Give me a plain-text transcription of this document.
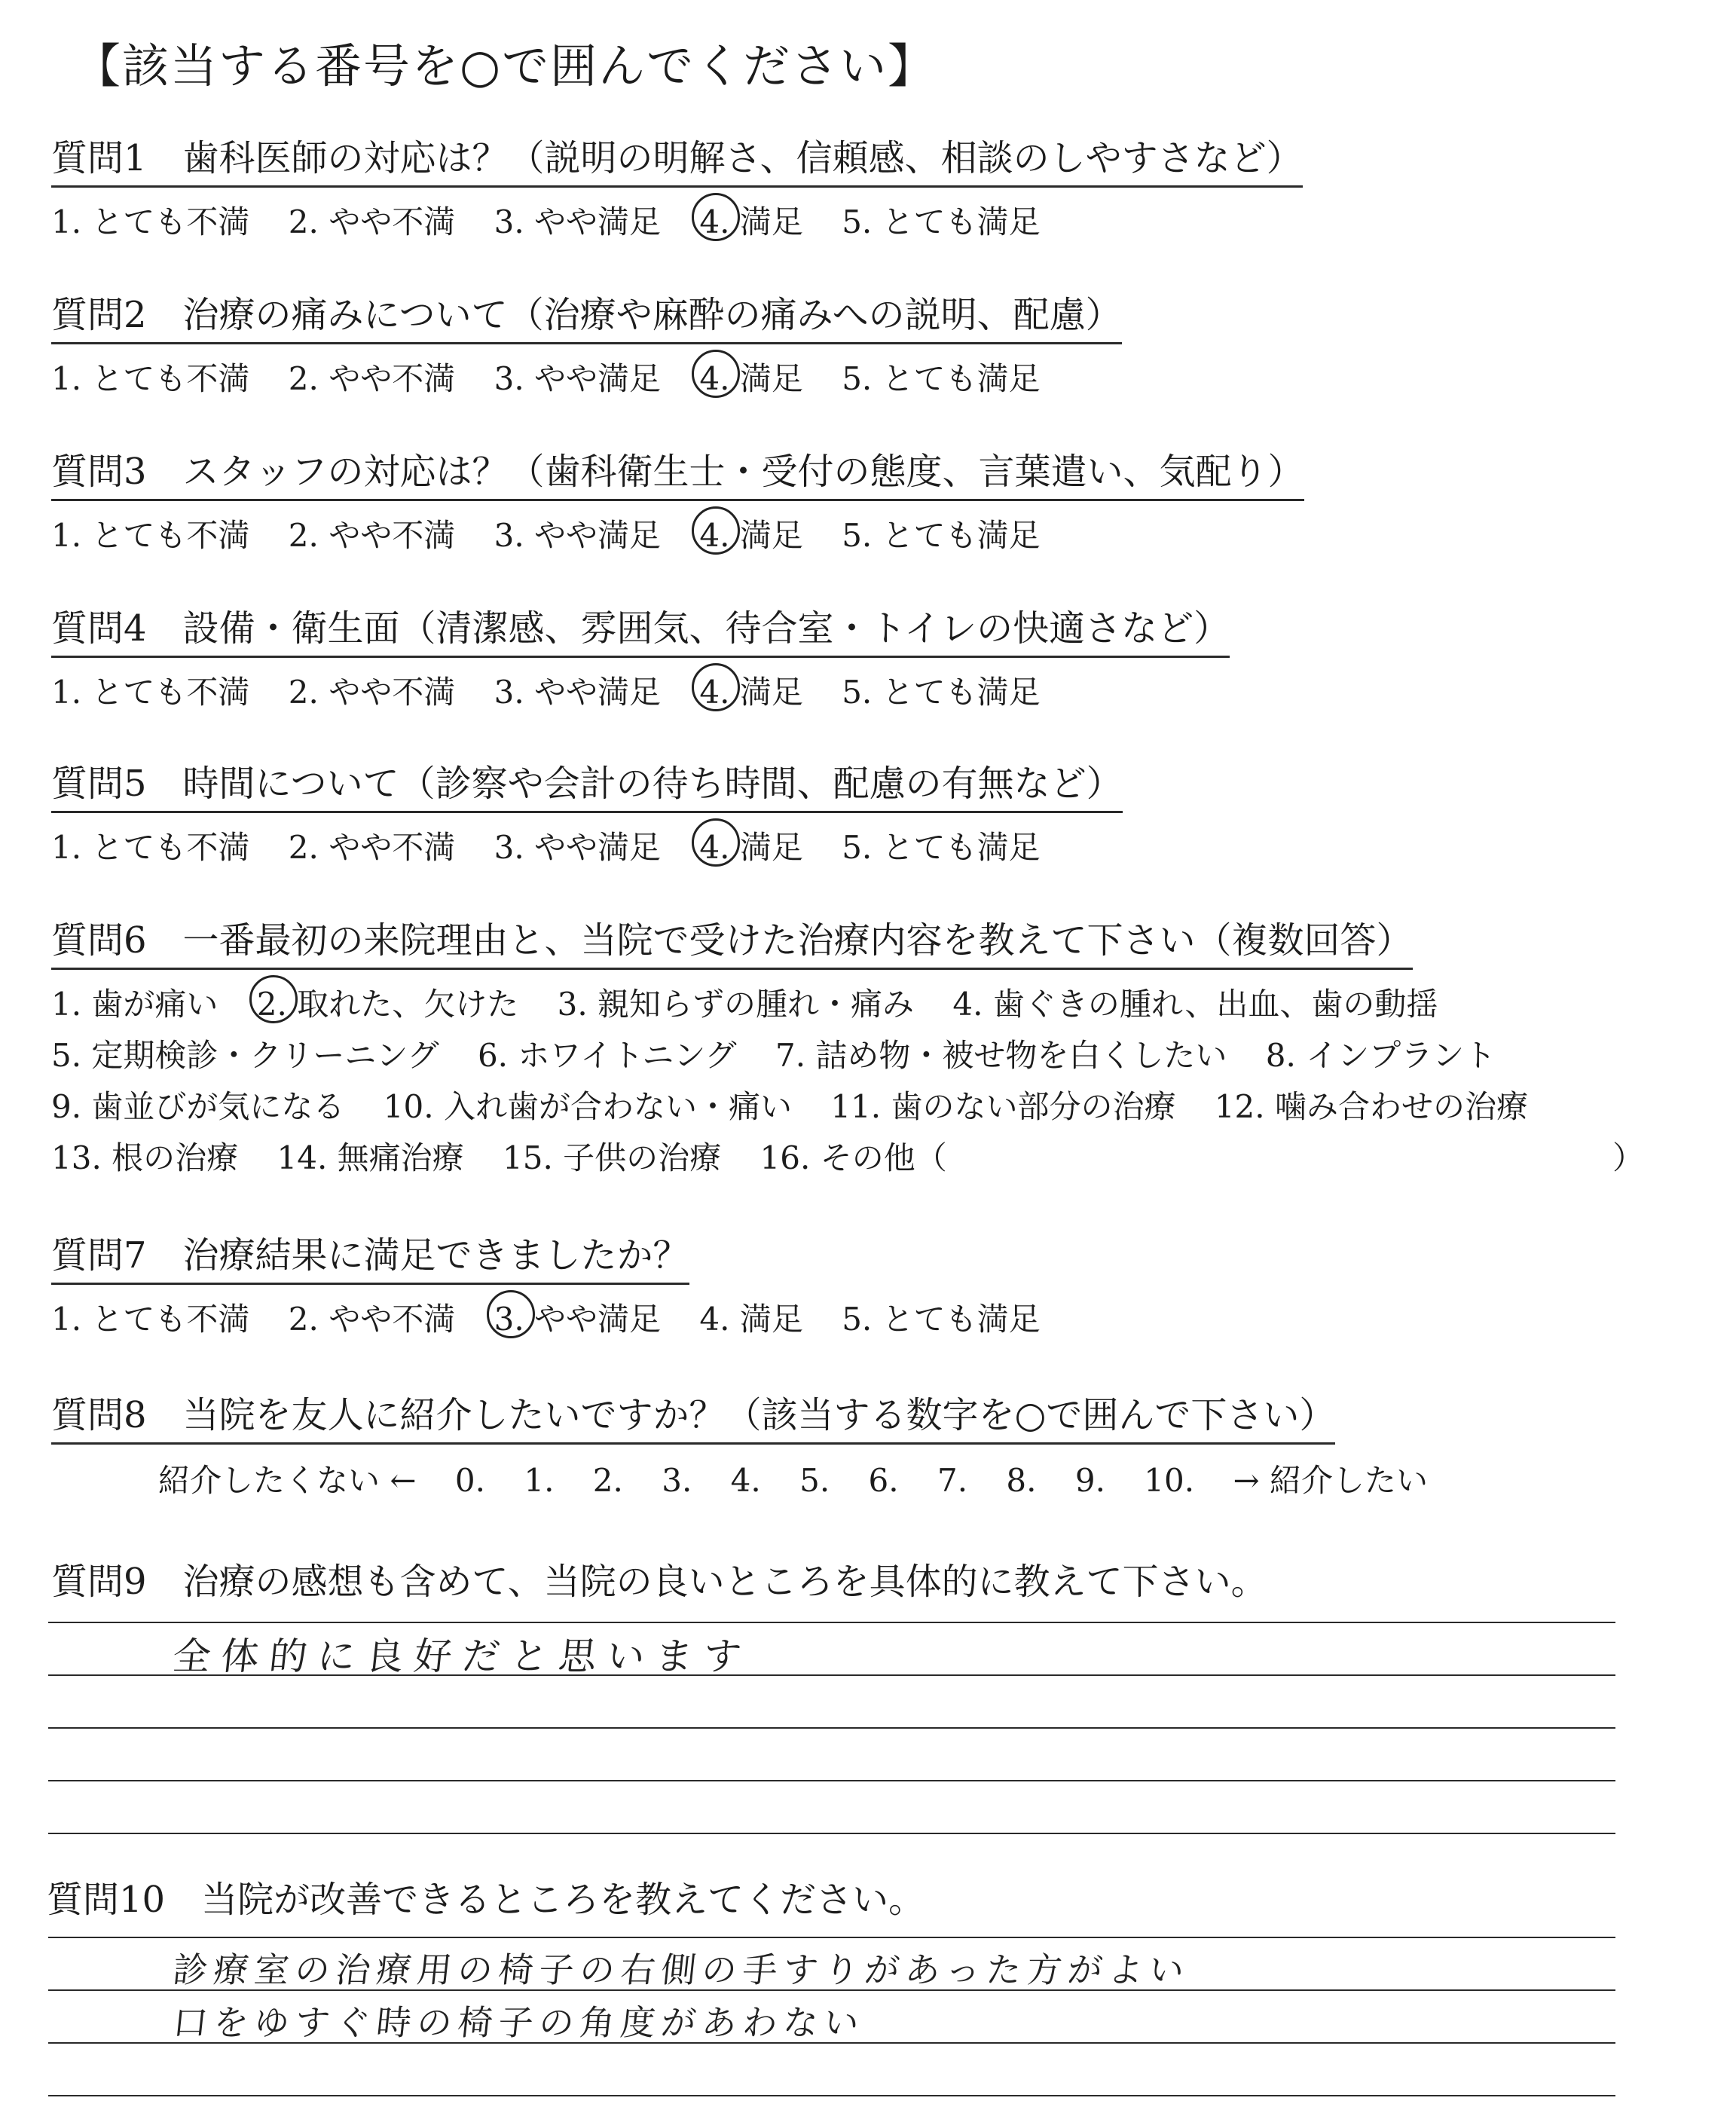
【該当する番号を○で囲んでください】
質問1　歯科医師の対応は？（説明の明解さ、信頼感、相談のしやすさなど）
1. とても不満 2. やや不満 3. やや満足 4. 満足 5. とても満足
質問2　治療の痛みについて（治療や麻酔の痛みへの説明、配慮）
1. とても不満 2. やや不満 3. やや満足 4. 満足 5. とても満足
質問3　スタッフの対応は？（歯科衛生士・受付の態度、言葉遣い、気配り）
1. とても不満 2. やや不満 3. やや満足 4. 満足 5. とても満足
質問4　設備・衛生面（清潔感、雰囲気、待合室・トイレの快適さなど）
1. とても不満 2. やや不満 3. やや満足 4. 満足 5. とても満足
質問5　時間について（診察や会計の待ち時間、配慮の有無など）
1. とても不満 2. やや不満 3. やや満足 4. 満足 5. とても満足
質問6　一番最初の来院理由と、当院で受けた治療内容を教えて下さい（複数回答）
1. 歯が痛い 2. 取れた、欠けた 3. 親知らずの腫れ・痛み 4. 歯ぐきの腫れ、出血、歯の動揺
5. 定期検診・クリーニング 6. ホワイトニング 7. 詰め物・被せ物を白くしたい 8. インプラント
9. 歯並びが気になる 10. 入れ歯が合わない・痛い 11. 歯のない部分の治療 12. 噛み合わせの治療
13. 根の治療 14. 無痛治療 15. 子供の治療 16. その他（	）
質問7　治療結果に満足できましたか？
1. とても不満 2. やや不満 3. やや満足 4. 満足 5. とても満足
質問8　当院を友人に紹介したいですか？（該当する数字を○で囲んで下さい）
紹介したくない ← 0. 1. 2. 3. 4. 5. 6. 7. 8. 9. 10. → 紹介したい
質問9　治療の感想も含めて、当院の良いところを具体的に教えて下さい。
全体的に良好だと思います
質問10　当院が改善できるところを教えてください。
診療室の治療用の椅子の右側の手すりがあった方がよい
口をゆすぐ時の椅子の角度があわない
